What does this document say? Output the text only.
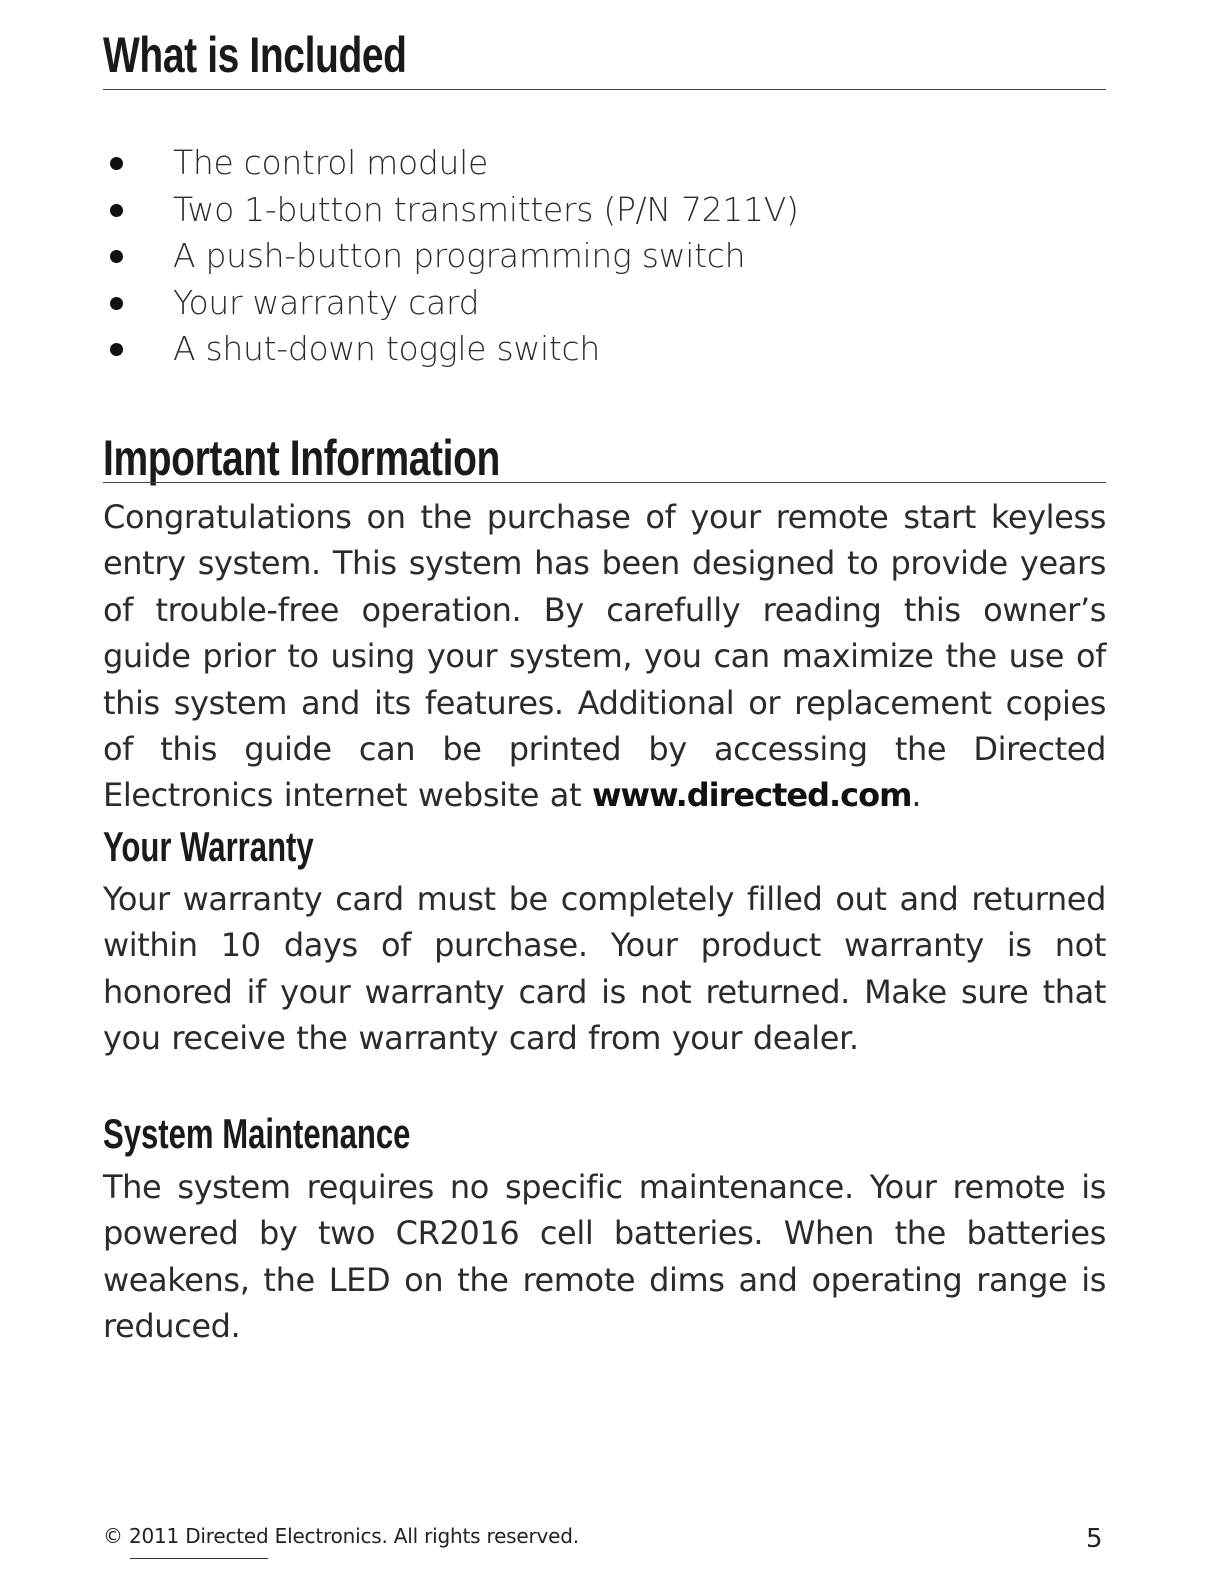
What is Included
The control module
Two 1-button transmitters (P/N 7211V)
A push-button programming switch
Your warranty card
A shut-down toggle switch
Important Information
Congratulations on the purchase of your remote start keyless entry system. This system has been designed to provide years of trouble-free operation. By carefully reading this owner’s guide prior to using your system, you can maximize the use of this system and its features. Additional or replacement copies of this guide can be printed by accessing the Directed Electronics internet website at www.directed.com.
Your Warranty
Your warranty card must be completely filled out and returned within 10 days of purchase. Your product warranty is not honored if your warranty card is not returned. Make sure that you receive the warranty card from your dealer.
System Maintenance
The system requires no specific maintenance. Your remote is powered by two CR2016 cell batteries. When the batteries weakens, the LED on the remote dims and operating range is reduced.
© 2011 Directed Electronics. All rights reserved.	5
